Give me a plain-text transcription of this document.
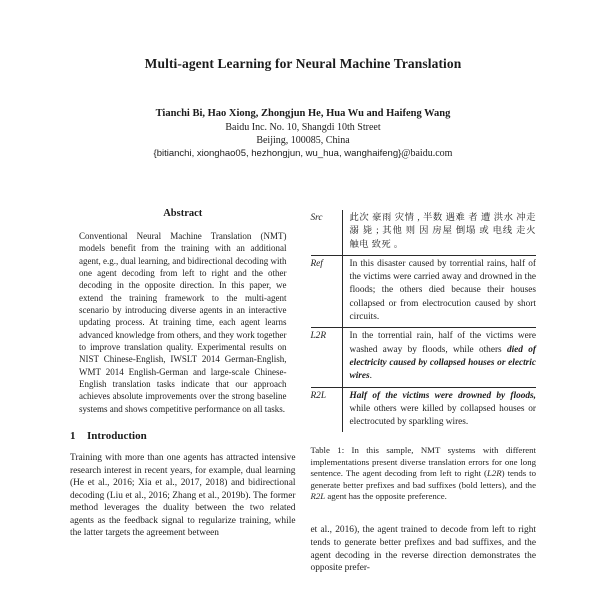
Multi-agent Learning for Neural Machine Translation

Tianchi Bi, Hao Xiong, Zhongjun He, Hua Wu and Haifeng Wang

Baidu Inc. No. 10, Shangdi 10th Street

Beijing, 100085, China

{bitianchi, xionghao05, hezhongjun, wu_hua, wanghaifeng}@baidu.com

Abstract

Conventional Neural Machine Translation (NMT) models benefit from the training with an additional agent, e.g., dual learning, and bidirectional decoding with one agent decoding from left to right and the other decoding in the opposite direction. In this paper, we extend the training framework to the multi-agent scenario by introducing diverse agents in an interactive updating process. At training time, each agent learns advanced knowledge from others, and they work together to improve translation quality. Experimental results on NIST Chinese-English, IWSLT 2014 German-English, WMT 2014 English-German and large-scale Chinese-English translation tasks indicate that our approach achieves absolute improvements over the strong baseline systems and shows competitive performance on all tasks.

1 Introduction

Training with more than one agents has attracted intensive research interest in recent years, for example, dual learning (He et al., 2016; Xia et al., 2017, 2018) and bidirectional decoding (Liu et al., 2016; Zhang et al., 2019b). The former method leverages the duality between the two related agents as the feedback signal to regularize training, while the latter targets the agreement between

Src	此次 豪雨 灾情 , 半数 遇难 者 遭 洪水 冲走 溺 毙 ; 其他 则 因 房屋 倒塌 或 电线 走火 触电 致死 。
Ref	In this disaster caused by torrential rains, half of the victims were carried away and drowned in the floods; the others died because their houses collapsed or from electrocution caused by short circuits.
L2R	In the torrential rain, half of the victims were washed away by floods, while others died of electricity caused by collapsed houses or electric wires.
R2L	Half of the victims were drowned by floods, while others were killed by collapsed houses or electrocuted by sparkling wires.

Table 1: In this sample, NMT systems with different implementations present diverse translation errors for one long sentence. The agent decoding from left to right (L2R) tends to generate better prefixes and bad suffixes (bold letters), and the R2L agent has the opposite preference.

et al., 2016), the agent trained to decode from left to right tends to generate better prefixes and bad suffixes, and the agent decoding in the reverse direction demonstrates the opposite prefer-
